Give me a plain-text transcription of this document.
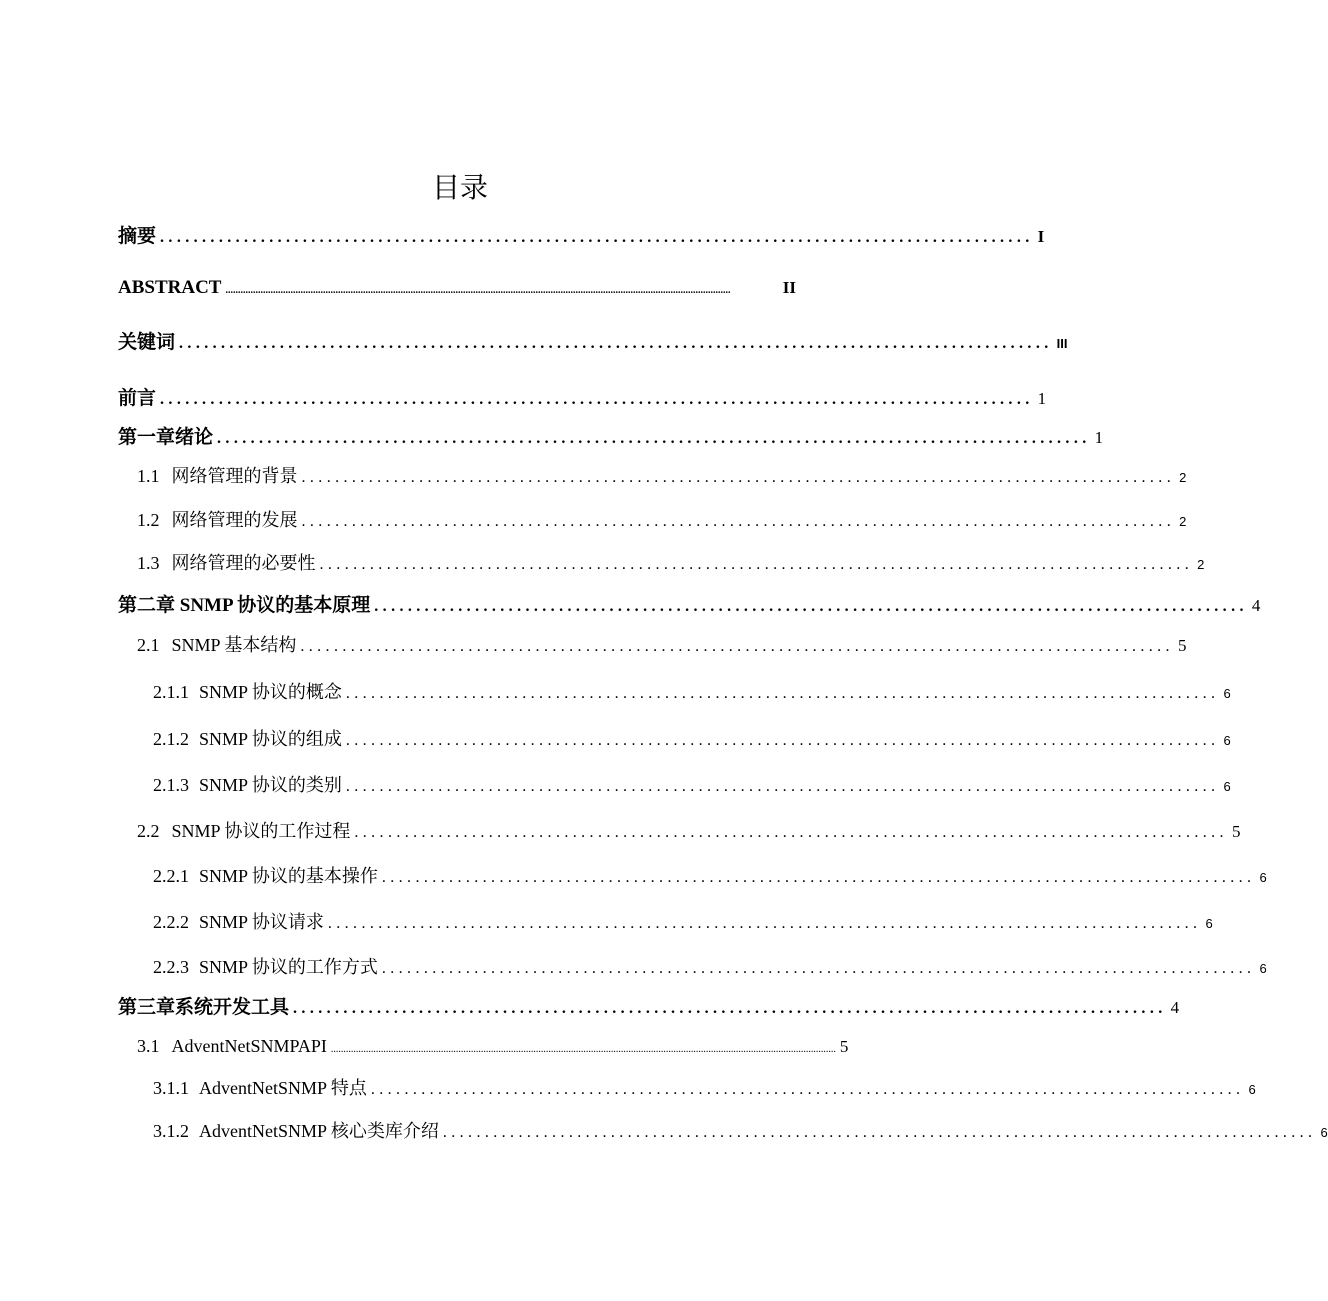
目录
摘要 ........................................................................................................ I
ABSTRACT ..........................................................................................................................................................................................................	II
关键词 ........................................................................................................ III
前言 ........................................................................................................ 1
第一章绪论 ........................................................................................................ 1
1.1 网络管理的背景 ........................................................................................................ 2
1.2 网络管理的发展 ........................................................................................................ 2
1.3 网络管理的必要性 ........................................................................................................ 2
第二章 SNMP 协议的基本原理 ........................................................................................................ 4
2.1 SNMP 基本结构 ........................................................................................................ 5
2.1.1 SNMP 协议的概念 ........................................................................................................ 6
2.1.2 SNMP 协议的组成 ........................................................................................................ 6
2.1.3 SNMP 协议的类别 ........................................................................................................ 6
2.2 SNMP 协议的工作过程 ........................................................................................................ 5
2.2.1 SNMP 协议的基本操作 ........................................................................................................ 6
2.2.2 SNMP 协议请求 ........................................................................................................ 6
2.2.3 SNMP 协议的工作方式 ........................................................................................................ 6
第三章系统开发工具 ........................................................................................................ 4
3.1 AdventNetSNMPAPI .......................................................................................................................................................................................................... 5
3.1.1 AdventNetSNMP 特点 ........................................................................................................ 6
3.1.2 AdventNetSNMP 核心类库介绍 ........................................................................................................ 6
